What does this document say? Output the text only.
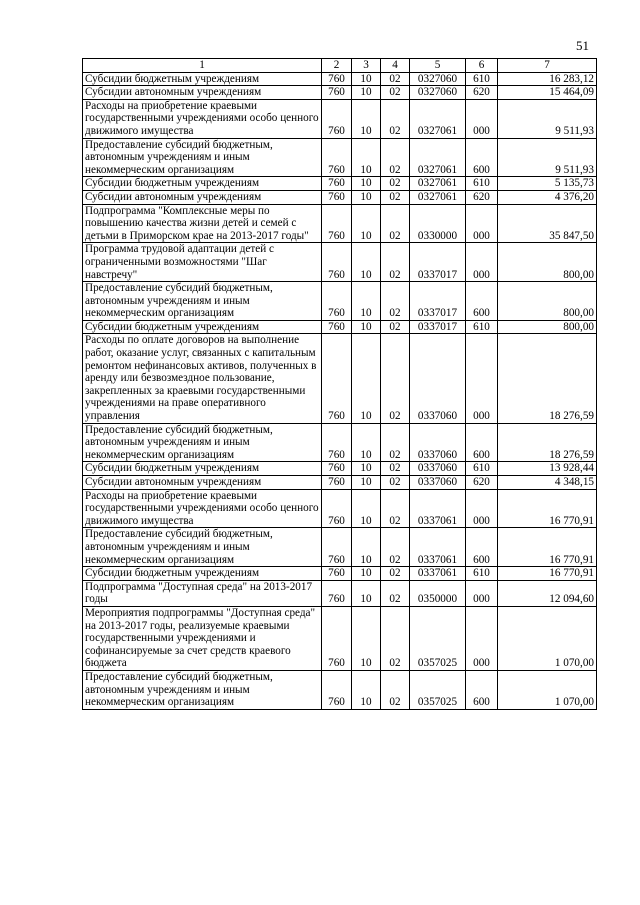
51
1	2	3	4	5	6	7
Субсидии бюджетным учреждениям	760	10	02	0327060	610	16 283,12
Субсидии автономным учреждениям	760	10	02	0327060	620	15 464,09
Расходы на приобретение краевыми государственными учреждениями особо ценного движимого имущества	760	10	02	0327061	000	9 511,93
Предоставление субсидий бюджетным, автономным учреждениям и иным некоммерческим организациям	760	10	02	0327061	600	9 511,93
Субсидии бюджетным учреждениям	760	10	02	0327061	610	5 135,73
Субсидии автономным учреждениям	760	10	02	0327061	620	4 376,20
Подпрограмма "Комплексные меры по повышению качества жизни детей и семей с детьми в Приморском крае на 2013-2017 годы"	760	10	02	0330000	000	35 847,50
Программа трудовой адаптации детей с ограниченными возможностями "Шаг навстречу"	760	10	02	0337017	000	800,00
Предоставление субсидий бюджетным, автономным учреждениям и иным некоммерческим организациям	760	10	02	0337017	600	800,00
Субсидии бюджетным учреждениям	760	10	02	0337017	610	800,00
Расходы по оплате договоров на выполнение работ, оказание услуг, связанных с капитальным ремонтом нефинансовых активов, полученных в аренду или безвозмездное пользование, закрепленных за краевыми государственными учреждениями на праве оперативного управления	760	10	02	0337060	000	18 276,59
Предоставление субсидий бюджетным, автономным учреждениям и иным некоммерческим организациям	760	10	02	0337060	600	18 276,59
Субсидии бюджетным учреждениям	760	10	02	0337060	610	13 928,44
Субсидии автономным учреждениям	760	10	02	0337060	620	4 348,15
Расходы на приобретение краевыми государственными учреждениями особо ценного движимого имущества	760	10	02	0337061	000	16 770,91
Предоставление субсидий бюджетным, автономным учреждениям и иным некоммерческим организациям	760	10	02	0337061	600	16 770,91
Субсидии бюджетным учреждениям	760	10	02	0337061	610	16 770,91
Подпрограмма "Доступная среда" на 2013-2017 годы	760	10	02	0350000	000	12 094,60
Мероприятия подпрограммы "Доступная среда" на 2013-2017 годы, реализуемые краевыми государственными учреждениями и софинансируемые за счет средств краевого бюджета	760	10	02	0357025	000	1 070,00
Предоставление субсидий бюджетным, автономным учреждениям и иным некоммерческим организациям	760	10	02	0357025	600	1 070,00
